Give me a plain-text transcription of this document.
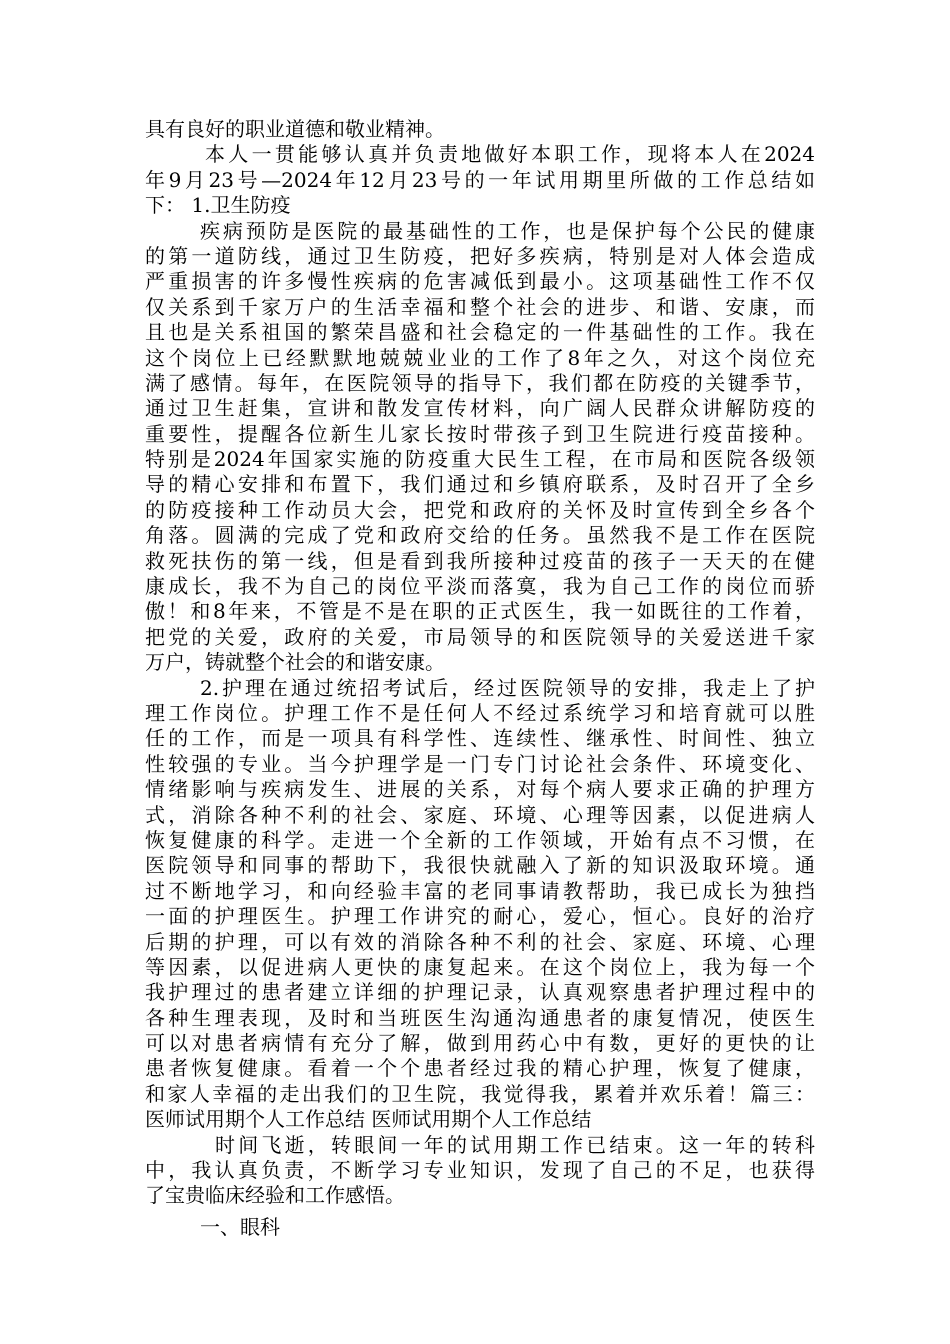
具有良好的职业道德和敬业精神。
本人一贯能够认真并负责地做好本职工作，现将本人在2024
年9月23号—2024年12月23号的一年试用期里所做的工作总结如
下： 1.卫生防疫
疾病预防是医院的最基础性的工作，也是保护每个公民的健康
的第一道防线，通过卫生防疫，把好多疾病，特别是对人体会造成
严重损害的许多慢性疾病的危害减低到最小。这项基础性工作不仅
仅关系到千家万户的生活幸福和整个社会的进步、和谐、安康，而
且也是关系祖国的繁荣昌盛和社会稳定的一件基础性的工作。我在
这个岗位上已经默默地兢兢业业的工作了8年之久，对这个岗位充
满了感情。每年，在医院领导的指导下，我们都在防疫的关键季节，
通过卫生赶集，宣讲和散发宣传材料，向广阔人民群众讲解防疫的
重要性，提醒各位新生儿家长按时带孩子到卫生院进行疫苗接种。
特别是2024年国家实施的防疫重大民生工程，在市局和医院各级领
导的精心安排和布置下，我们通过和乡镇府联系，及时召开了全乡
的防疫接种工作动员大会，把党和政府的关怀及时宣传到全乡各个
角落。圆满的完成了党和政府交给的任务。虽然我不是工作在医院
救死扶伤的第一线，但是看到我所接种过疫苗的孩子一天天的在健
康成长，我不为自己的岗位平淡而落寞，我为自己工作的岗位而骄
傲！和8年来，不管是不是在职的正式医生，我一如既往的工作着，
把党的关爱，政府的关爱，市局领导的和医院领导的关爱送进千家
万户，铸就整个社会的和谐安康。
2.护理在通过统招考试后，经过医院领导的安排，我走上了护
理工作岗位。护理工作不是任何人不经过系统学习和培育就可以胜
任的工作，而是一项具有科学性、连续性、继承性、时间性、独立
性较强的专业。当今护理学是一门专门讨论社会条件、环境变化、
情绪影响与疾病发生、进展的关系，对每个病人要求正确的护理方
式，消除各种不利的社会、家庭、环境、心理等因素，以促进病人
恢复健康的科学。走进一个全新的工作领域，开始有点不习惯，在
医院领导和同事的帮助下，我很快就融入了新的知识汲取环境。通
过不断地学习，和向经验丰富的老同事请教帮助，我已成长为独挡
一面的护理医生。护理工作讲究的耐心，爱心，恒心。良好的治疗
后期的护理，可以有效的消除各种不利的社会、家庭、环境、心理
等因素，以促进病人更快的康复起来。在这个岗位上，我为每一个
我护理过的患者建立详细的护理记录，认真观察患者护理过程中的
各种生理表现，及时和当班医生沟通沟通患者的康复情况，使医生
可以对患者病情有充分了解，做到用药心中有数，更好的更快的让
患者恢复健康。看着一个个患者经过我的精心护理，恢复了健康，
和家人幸福的走出我们的卫生院，我觉得我，累着并欢乐着！篇三：
医师试用期个人工作总结 医师试用期个人工作总结
时间飞逝，转眼间一年的试用期工作已结束。这一年的转科
中，我认真负责，不断学习专业知识，发现了自己的不足，也获得
了宝贵临床经验和工作感悟。
一、眼科
